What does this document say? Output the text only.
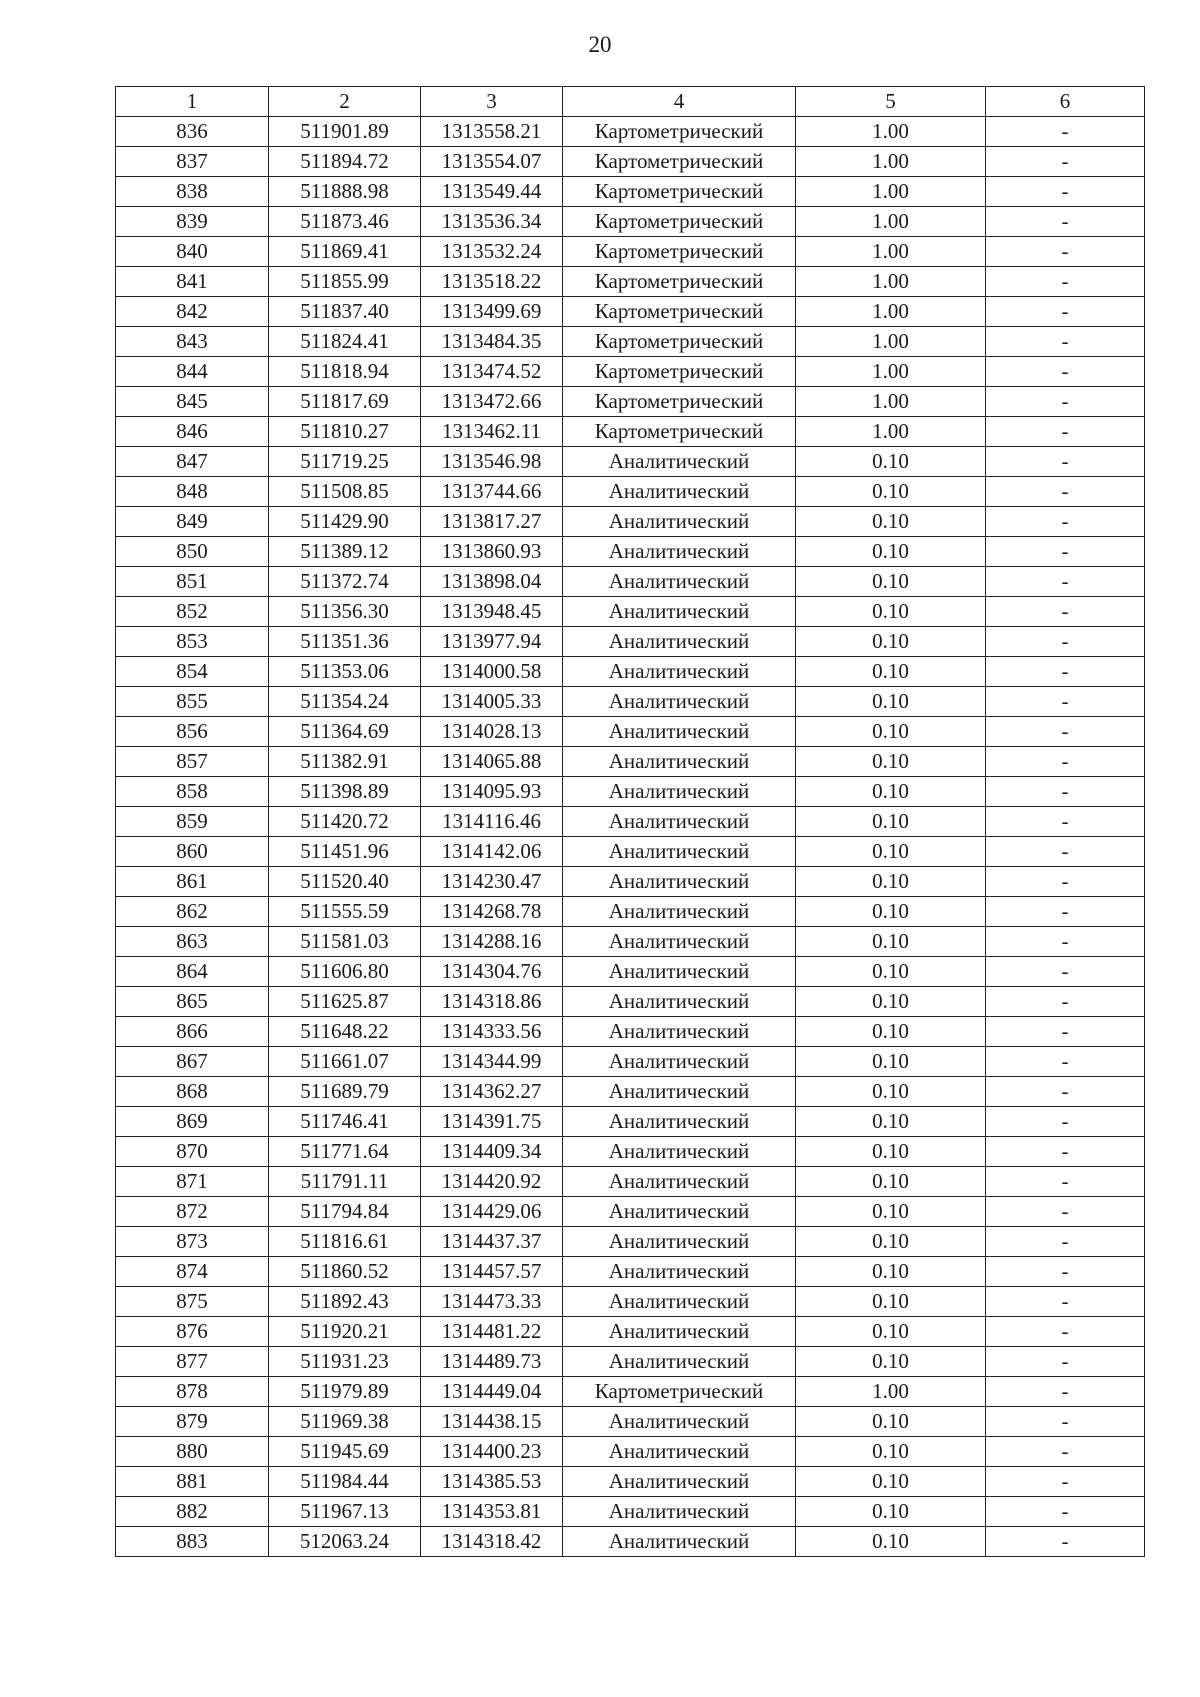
20
1	2	3	4	5	6
836	511901.89	1313558.21	Картометрический	1.00	-
837	511894.72	1313554.07	Картометрический	1.00	-
838	511888.98	1313549.44	Картометрический	1.00	-
839	511873.46	1313536.34	Картометрический	1.00	-
840	511869.41	1313532.24	Картометрический	1.00	-
841	511855.99	1313518.22	Картометрический	1.00	-
842	511837.40	1313499.69	Картометрический	1.00	-
843	511824.41	1313484.35	Картометрический	1.00	-
844	511818.94	1313474.52	Картометрический	1.00	-
845	511817.69	1313472.66	Картометрический	1.00	-
846	511810.27	1313462.11	Картометрический	1.00	-
847	511719.25	1313546.98	Аналитический	0.10	-
848	511508.85	1313744.66	Аналитический	0.10	-
849	511429.90	1313817.27	Аналитический	0.10	-
850	511389.12	1313860.93	Аналитический	0.10	-
851	511372.74	1313898.04	Аналитический	0.10	-
852	511356.30	1313948.45	Аналитический	0.10	-
853	511351.36	1313977.94	Аналитический	0.10	-
854	511353.06	1314000.58	Аналитический	0.10	-
855	511354.24	1314005.33	Аналитический	0.10	-
856	511364.69	1314028.13	Аналитический	0.10	-
857	511382.91	1314065.88	Аналитический	0.10	-
858	511398.89	1314095.93	Аналитический	0.10	-
859	511420.72	1314116.46	Аналитический	0.10	-
860	511451.96	1314142.06	Аналитический	0.10	-
861	511520.40	1314230.47	Аналитический	0.10	-
862	511555.59	1314268.78	Аналитический	0.10	-
863	511581.03	1314288.16	Аналитический	0.10	-
864	511606.80	1314304.76	Аналитический	0.10	-
865	511625.87	1314318.86	Аналитический	0.10	-
866	511648.22	1314333.56	Аналитический	0.10	-
867	511661.07	1314344.99	Аналитический	0.10	-
868	511689.79	1314362.27	Аналитический	0.10	-
869	511746.41	1314391.75	Аналитический	0.10	-
870	511771.64	1314409.34	Аналитический	0.10	-
871	511791.11	1314420.92	Аналитический	0.10	-
872	511794.84	1314429.06	Аналитический	0.10	-
873	511816.61	1314437.37	Аналитический	0.10	-
874	511860.52	1314457.57	Аналитический	0.10	-
875	511892.43	1314473.33	Аналитический	0.10	-
876	511920.21	1314481.22	Аналитический	0.10	-
877	511931.23	1314489.73	Аналитический	0.10	-
878	511979.89	1314449.04	Картометрический	1.00	-
879	511969.38	1314438.15	Аналитический	0.10	-
880	511945.69	1314400.23	Аналитический	0.10	-
881	511984.44	1314385.53	Аналитический	0.10	-
882	511967.13	1314353.81	Аналитический	0.10	-
883	512063.24	1314318.42	Аналитический	0.10	-
